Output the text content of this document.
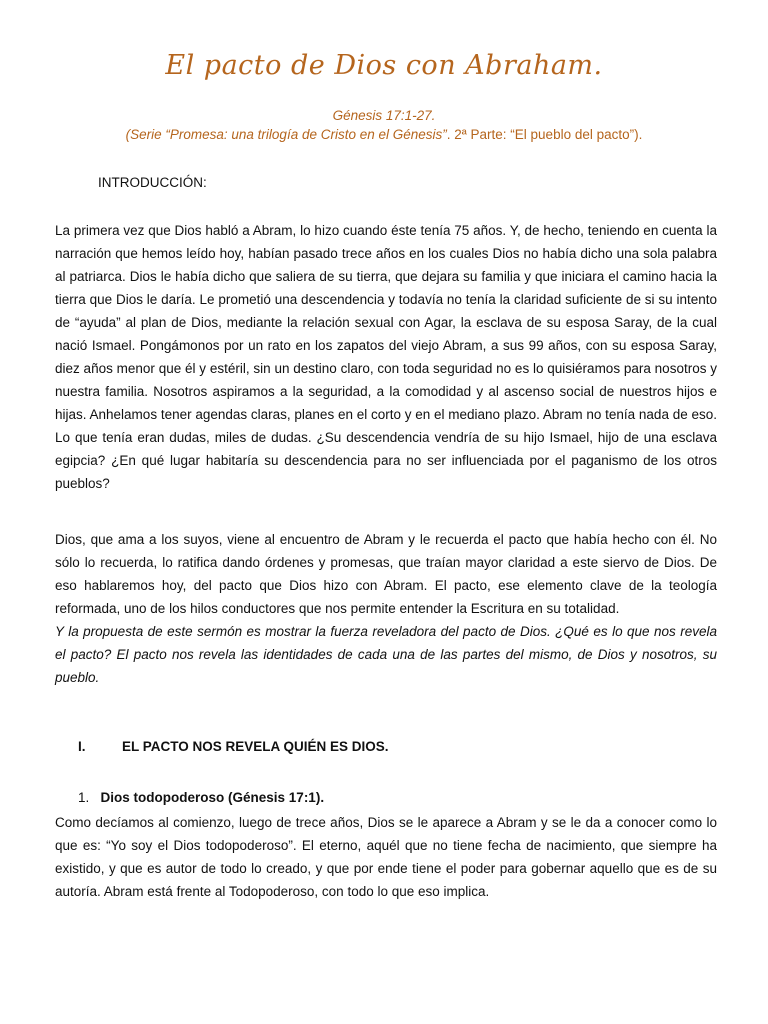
El pacto de Dios con Abraham.
Génesis 17:1-27.
(Serie “Promesa: una trilogía de Cristo en el Génesis”. 2ª Parte: “El pueblo del pacto”).
INTRODUCCIÓN:

La primera vez que Dios habló a Abram, lo hizo cuando éste tenía 75 años. Y, de hecho, teniendo en cuenta la narración que hemos leído hoy, habían pasado trece años en los cuales Dios no había dicho una sola palabra al patriarca. Dios le había dicho que saliera de su tierra, que dejara su familia y que iniciara el camino hacia la tierra que Dios le daría. Le prometió una descendencia y todavía no tenía la claridad suficiente de si su intento de “ayuda” al plan de Dios, mediante la relación sexual con Agar, la esclava de su esposa Saray, de la cual nació Ismael. Pongámonos por un rato en los zapatos del viejo Abram, a sus 99 años, con su esposa Saray, diez años menor que él y estéril, sin un destino claro, con toda seguridad no es lo quisiéramos para nosotros y nuestra familia. Nosotros aspiramos a la seguridad, a la comodidad y al ascenso social de nuestros hijos e hijas. Anhelamos tener agendas claras, planes en el corto y en el mediano plazo. Abram no tenía nada de eso. Lo que tenía eran dudas, miles de dudas. ¿Su descendencia vendría de su hijo Ismael, hijo de una esclava egipcia? ¿En qué lugar habitaría su descendencia para no ser influenciada por el paganismo de los otros pueblos?

Dios, que ama a los suyos, viene al encuentro de Abram y le recuerda el pacto que había hecho con él. No sólo lo recuerda, lo ratifica dando órdenes y promesas, que traían mayor claridad a este siervo de Dios. De eso hablaremos hoy, del pacto que Dios hizo con Abram. El pacto, ese elemento clave de la teología reformada, uno de los hilos conductores que nos permite entender la Escritura en su totalidad.

Y la propuesta de este sermón es mostrar la fuerza reveladora del pacto de Dios. ¿Qué es lo que nos revela el pacto? El pacto nos revela las identidades de cada una de las partes del mismo, de Dios y nosotros, su pueblo.

I.	EL PACTO NOS REVELA QUIÉN ES DIOS.
1. Dios todopoderoso (Génesis 17:1).

Como decíamos al comienzo, luego de trece años, Dios se le aparece a Abram y se le da a conocer como lo que es: “Yo soy el Dios todopoderoso”. El eterno, aquél que no tiene fecha de nacimiento, que siempre ha existido, y que es autor de todo lo creado, y que por ende tiene el poder para gobernar aquello que es de su autoría. Abram está frente al Todopoderoso, con todo lo que eso implica.
